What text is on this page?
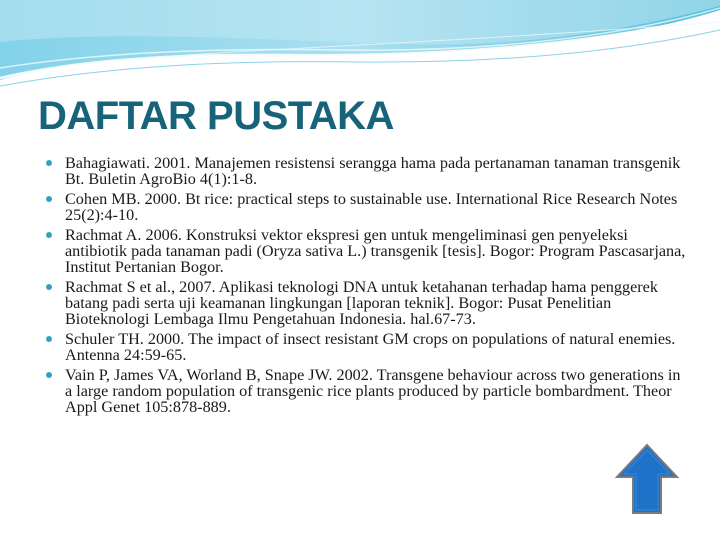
DAFTAR PUSTAKA
Bahagiawati. 2001. Manajemen resistensi serangga hama pada pertanaman tanaman transgenik Bt. Buletin AgroBio 4(1):1-8.
Cohen MB. 2000. Bt rice: practical steps to sustainable use. International Rice Research Notes 25(2):4-10.
Rachmat A. 2006. Konstruksi vektor ekspresi gen untuk mengeliminasi gen penyeleksi antibiotik pada tanaman padi (Oryza sativa L.) transgenik [tesis]. Bogor: Program Pascasarjana, Institut Pertanian Bogor.
Rachmat S et al., 2007. Aplikasi teknologi DNA untuk ketahanan terhadap hama penggerek batang padi serta uji keamanan lingkungan [laporan teknik]. Bogor: Pusat Penelitian Bioteknologi Lembaga Ilmu Pengetahuan Indonesia. hal.67-73.
Schuler TH. 2000. The impact of insect resistant GM crops on populations of natural enemies. Antenna 24:59-65.
Vain P, James VA, Worland B, Snape JW. 2002. Transgene behaviour across two generations in a large random population of transgenic rice plants produced by particle bombardment. Theor Appl Genet 105:878-889.
